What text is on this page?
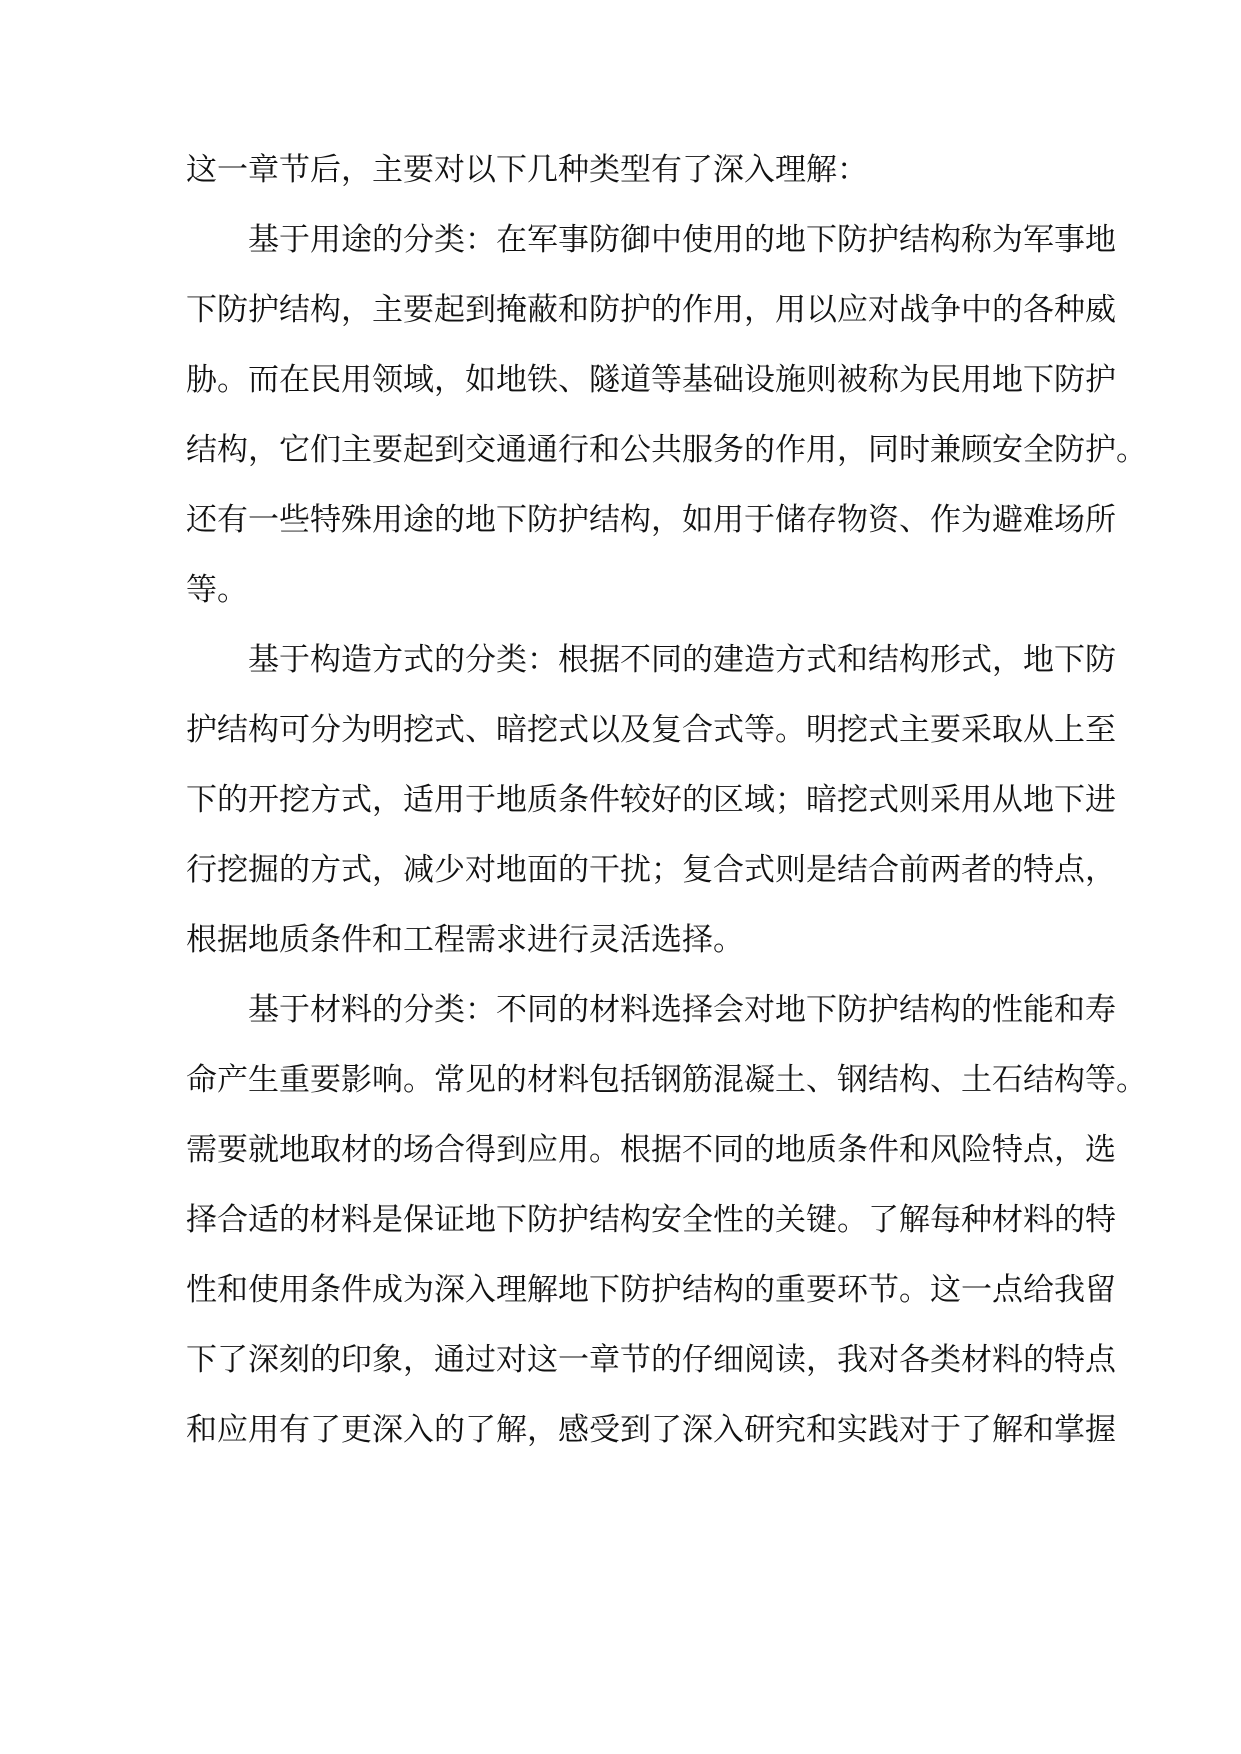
这一章节后，主要对以下几种类型有了深入理解：
基于用途的分类：在军事防御中使用的地下防护结构称为军事地
下防护结构，主要起到掩蔽和防护的作用，用以应对战争中的各种威
胁。而在民用领域，如地铁、隧道等基础设施则被称为民用地下防护
结构，它们主要起到交通通行和公共服务的作用，同时兼顾安全防护。
还有一些特殊用途的地下防护结构，如用于储存物资、作为避难场所
等。
基于构造方式的分类：根据不同的建造方式和结构形式，地下防
护结构可分为明挖式、暗挖式以及复合式等。明挖式主要采取从上至
下的开挖方式，适用于地质条件较好的区域；暗挖式则采用从地下进
行挖掘的方式，减少对地面的干扰；复合式则是结合前两者的特点，
根据地质条件和工程需求进行灵活选择。
基于材料的分类：不同的材料选择会对地下防护结构的性能和寿
命产生重要影响。常见的材料包括钢筋混凝土、钢结构、土石结构等。
需要就地取材的场合得到应用。根据不同的地质条件和风险特点，选
择合适的材料是保证地下防护结构安全性的关键。了解每种材料的特
性和使用条件成为深入理解地下防护结构的重要环节。这一点给我留
下了深刻的印象，通过对这一章节的仔细阅读，我对各类材料的特点
和应用有了更深入的了解，感受到了深入研究和实践对于了解和掌握
